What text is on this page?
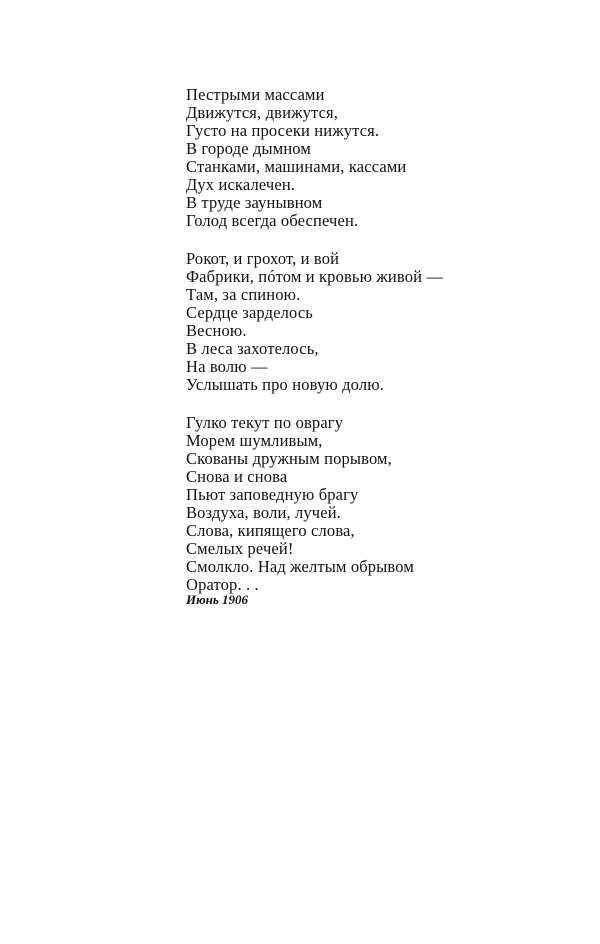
Пестрыми массами
Движутся, движутся,
Густо на просеки нижутся.
В городе дымном
Станками, машинами, кассами
Дух искалечен.
В труде заунывном
Голод всегда обеспечен.
Рокот, и грохот, и вой
Фабрики, пóтом и кровью живой —
Там, за спиною.
Сердце зарделось
Весною.
В леса захотелось,
На волю —
Услышать про новую долю.
Гулко текут по оврагу
Морем шумливым,
Скованы дружным порывом,
Снова и снова
Пьют заповедную брагу
Воздуха, воли, лучей.
Слова, кипящего слова,
Смелых речей!
Смолкло. Над желтым обрывом
Оратор. . .
Июнь 1906
